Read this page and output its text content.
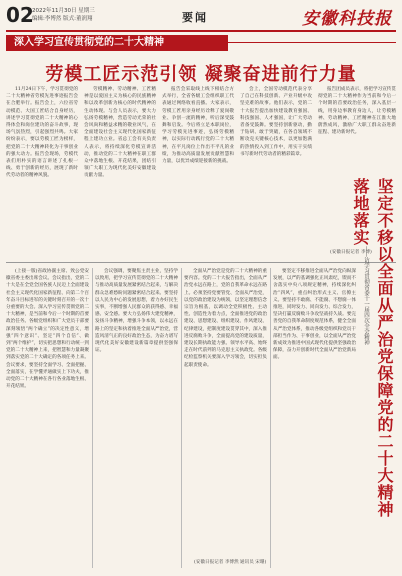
02
2022年11月30日 星期三
编辑:李博然 版式:董润翔	要闻	安徽科技报
深入学习宣传贯彻党的二十大精神
劳模工匠示范引领 凝聚奋进前行力量

11月24日下午，学习贯彻党的二十大精神省劳模先进事迹报告会在合肥举行。报告会上，六位省劳动模范、大国工匠结合自身经历，讲述学习贯彻党的二十大精神的心得体会和岗位建功的奋斗故事，现场气氛热烈，引起强烈共鸣。大家纷纷表示，要以劳模工匠为榜样，把党的二十大精神转化为干事创业的强大动力。报告会现场，劳模代表们用朴实的语言讲述了扎根一线、勇于创新的经历，展现了新时代劳动者的精神风貌。

劳模精神、劳动精神、工匠精神是以爱国主义为核心的民族精神和以改革创新为核心的时代精神的生动体现。与会人员表示，要大力弘扬劳模精神，营造劳动光荣的社会风尚和精益求精的敬业风气，在全面建设社会主义现代化国家新征程上建功立业。省总工会有关负责人表示，将持续深化劳模宣讲活动，推动党的二十大精神在职工群众中落地生根、开花结果，团结引领广大职工为现代化美好安徽建设贡献力量。

报告会采取线上线下相结合方式举行，全省各级工会组织职工代表通过网络收看直播。大家表示，劳模工匠用亲身经历诠释了爱岗敬业、争创一流的精神，听后深受鼓舞和启发。今后将立足本职岗位，学习劳模先进事迹，弘扬劳模精神，以实际行动践行党的二十大精神，在平凡岗位上作出不平凡的业绩，为推动高质量发展贡献智慧和力量，以优异成绩迎接新的挑战。

会上，全国劳动模范代表分享了自己在科技创新、产业升级中攻坚克难的故事。他们表示，党的二十大报告提出加快建设教育强国、科技强国、人才强国，让广大劳动者备受鼓舞。要坚持创新驱动，勤于钻研、敢于突破，在各自领域不断攻克关键核心技术，以更加饱满的热情投入到工作中，用实干实绩书写新时代劳动者的精彩篇章。

报告团成员表示，将把学习宣传贯彻党的二十大精神作为当前和今后一个时期的首要政治任务，深入基层一线，用身边事教育身边人，让劳模精神、劳动精神、工匠精神在江淮大地蔚然成风，激励广大职工群众奋进新征程、建功新时代。

(安徽日报记者 李博)

(上接一版)省政协副主席、致公党安徽省委主委出席会议。会议指出，党的二十大是在全党全国各族人民迈上全面建设社会主义现代化国家新征程、向第二个百年奋斗目标进军的关键时刻召开的一次十分重要的大会。深入学习宣传贯彻党的二十大精神，是当前和今后一个时期的首要政治任务。各级党组织和广大党员干部要深刻领悟“两个确立”的决定性意义，增强“四个意识”、坚定“四个自信”、做到“两个维护”，切实把思想和行动统一到党的二十大精神上来，把智慧和力量凝聚到落实党的二十大确定的各项任务上来。会议要求，要坚持全面学习、全面把握、全面落实，在学懂弄通做实上下功夫，推动党的二十大精神在各行各业落地生根、开花结果。

会议强调，要聚焦主责主业，坚持学以致用，把学习宣传贯彻党的二十大精神与推动高质量发展紧密结合起来，与解决群众急难愁盼问题紧密结合起来。要坚持以人民为中心的发展思想，着力办好民生实事，不断增强人民群众的获得感、幸福感、安全感。要大力弘扬伟大建党精神，发扬斗争精神，增强斗争本领，以永远在路上的坚定和执着推进全面从严治党，营造风清气正的良好政治生态，为奋力谱写现代化美好安徽建设新篇章提供坚强保证。

全面从严治党是党的二十大精神的重要内容。党的二十大报告指出，全面从严治党永远在路上，党的自我革命永远在路上。必须坚持党要管党、全面从严治党，以党的政治建设为统领，以坚定理想信念宗旨为根基，以调动全党积极性、主动性、创造性为着力点，全面推进党的政治建设、思想建设、组织建设、作风建设、纪律建设，把制度建设贯穿其中，深入推进反腐败斗争，全面提高党的建设质量，建设长期执政能力强、领导水平高、始终走在时代前列的马克思主义执政党。各级纪检监察机关要深入学习领会，切实担负起职责使命。

要坚定不移推进全面从严治党向纵深发展，以严的基调强化正风肃纪，锲而不舍落实中央八项规定精神，持续深化纠治“四风”，重点纠治形式主义、官僚主义。要坚持不敢腐、不能腐、不想腐一体推进，同时发力、同向发力、综合发力，坚决打赢反腐败斗争攻坚战持久战。要完善党的自我革命制度规范体系，健全全面从严治党体系，推动各级党组织和党员干部担当作为、干事创业，以全面从严治党新成效为推进中国式现代化提供坚强政治保障，奋力开创新时代全面从严治党新局面。

(安徽日报记者 李博然 通讯员 宋珊)
——访学习贯彻省委十一届四次全会精神 坚定不移以全面从严治党保障党的二十大精神落地落实
